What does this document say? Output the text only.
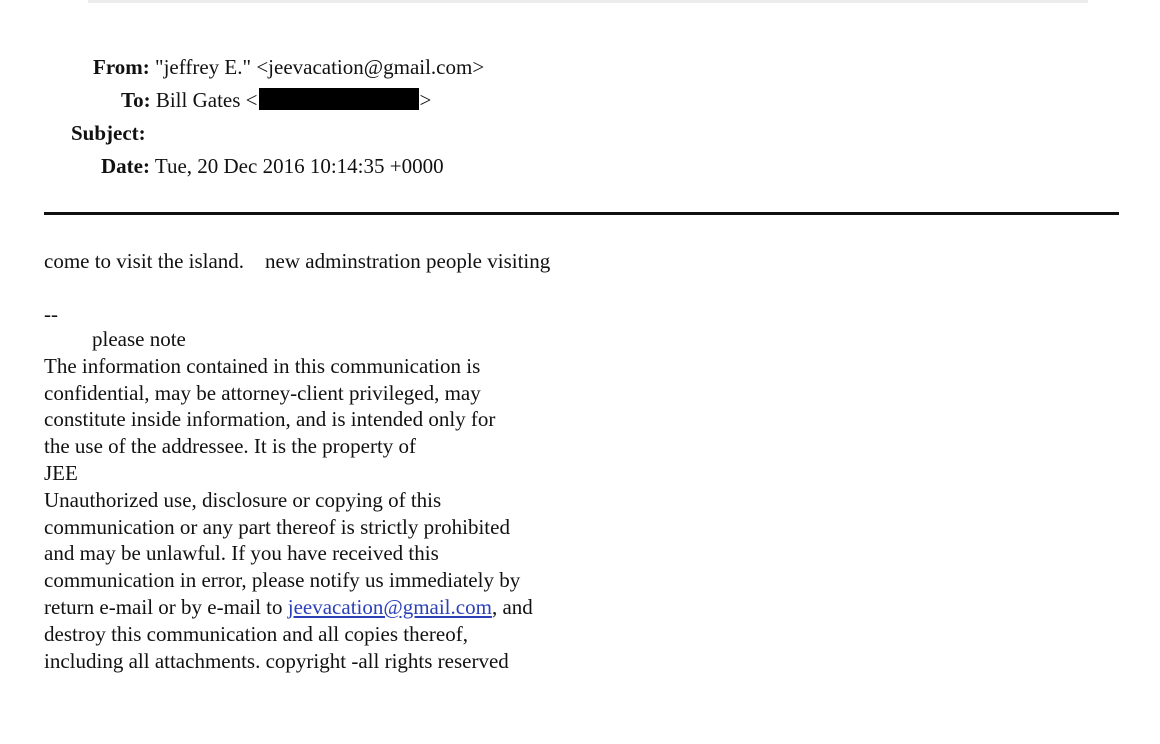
From: "jeffrey E." <jeevacation@gmail.com>
To: Bill Gates <	>
Subject:
Date: Tue, 20 Dec 2016 10:14:35 +0000
come to visit the island.    new adminstration people visiting
--
please note
The information contained in this communication is
confidential, may be attorney-client privileged, may
constitute inside information, and is intended only for
the use of the addressee. It is the property of
JEE
Unauthorized use, disclosure or copying of this
communication or any part thereof is strictly prohibited
and may be unlawful. If you have received this
communication in error, please notify us immediately by
return e-mail or by e-mail to jeevacation@gmail.com, and
destroy this communication and all copies thereof,
including all attachments. copyright -all rights reserved
